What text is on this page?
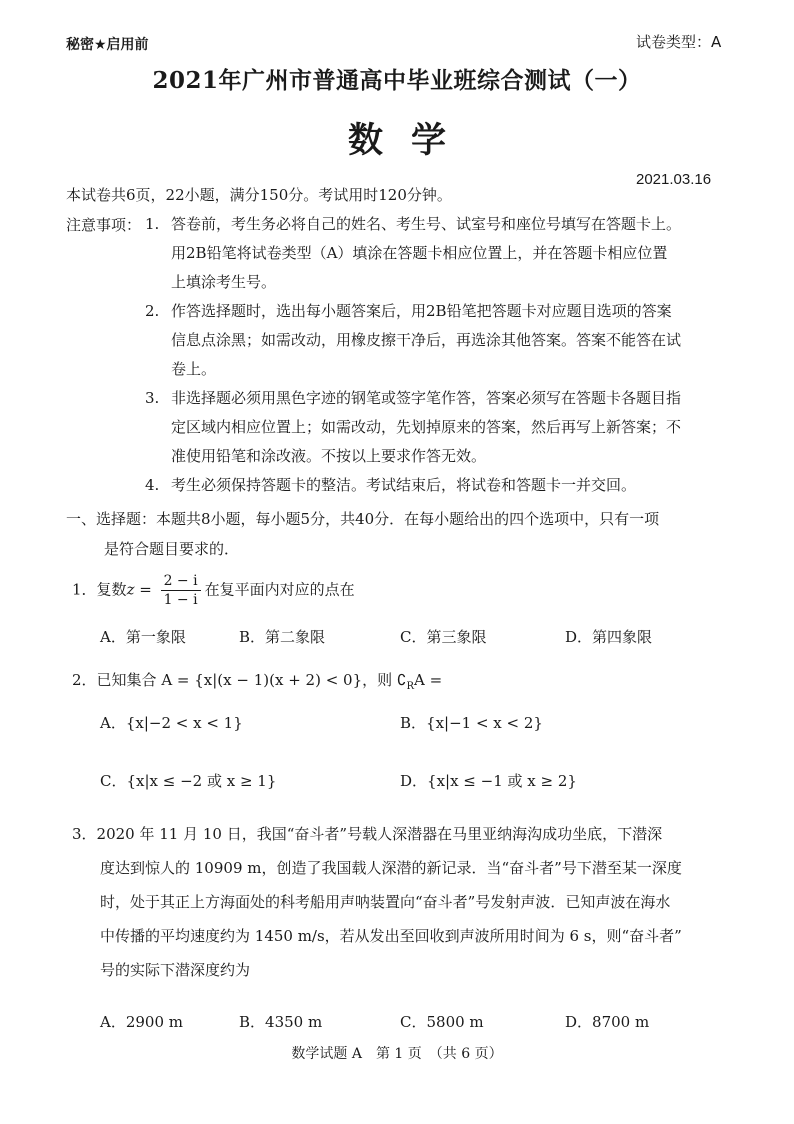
秘密★启用前	试卷类型：A
2021年广州市普通高中毕业班综合测试（一）
数学
2021.03.16
本试卷共6页，22小题，满分150分。考试用时120分钟。
注意事项： 1. 答卷前，考生务必将自己的姓名、考生号、试室号和座位号填写在答题卡上。
用2B铅笔将试卷类型（A）填涂在答题卡相应位置上，并在答题卡相应位置
上填涂考生号。
2. 作答选择题时，选出每小题答案后，用2B铅笔把答题卡对应题目选项的答案
信息点涂黑；如需改动，用橡皮擦干净后，再选涂其他答案。答案不能答在试
卷上。
3. 非选择题必须用黑色字迹的钢笔或签字笔作答，答案必须写在答题卡各题目指
定区域内相应位置上；如需改动，先划掉原来的答案，然后再写上新答案；不
准使用铅笔和涂改液。不按以上要求作答无效。
4. 考生必须保持答题卡的整洁。考试结束后，将试卷和答题卡一并交回。
一、选择题：本题共8小题，每小题5分，共40分．在每小题给出的四个选项中，只有一项
是符合题目要求的．
1．复数$z = \frac{2 - i}{1 - i}$ 在复平面内对应的点在
A．第一象限	B．第二象限	C．第三象限	D．第四象限
2．已知集合 A = {x|(x − 1)(x + 2) < 0}，则 $∁_RA$ =
A．{x|−2 < x < 1}	B．{x|−1 < x < 2}
C．{x|x ≤ −2 或 x ≥ 1}	D．{x|x ≤ −1 或 x ≥ 2}
3．2020 年 11 月 10 日，我国“奋斗者”号载人深潜器在马里亚纳海沟成功坐底，下潜深
度达到惊人的 10909 m，创造了我国载人深潜的新记录．当“奋斗者”号下潜至某一深度
时，处于其正上方海面处的科考船用声呐装置向“奋斗者”号发射声波．已知声波在海水
中传播的平均速度约为 1450 m/s，若从发出至回收到声波所用时间为 6 s，则“奋斗者”
号的实际下潜深度约为
A．2900 m	B．4350 m	C．5800 m	D．8700 m
数学试题 A　第 1 页　（共 6 页）
